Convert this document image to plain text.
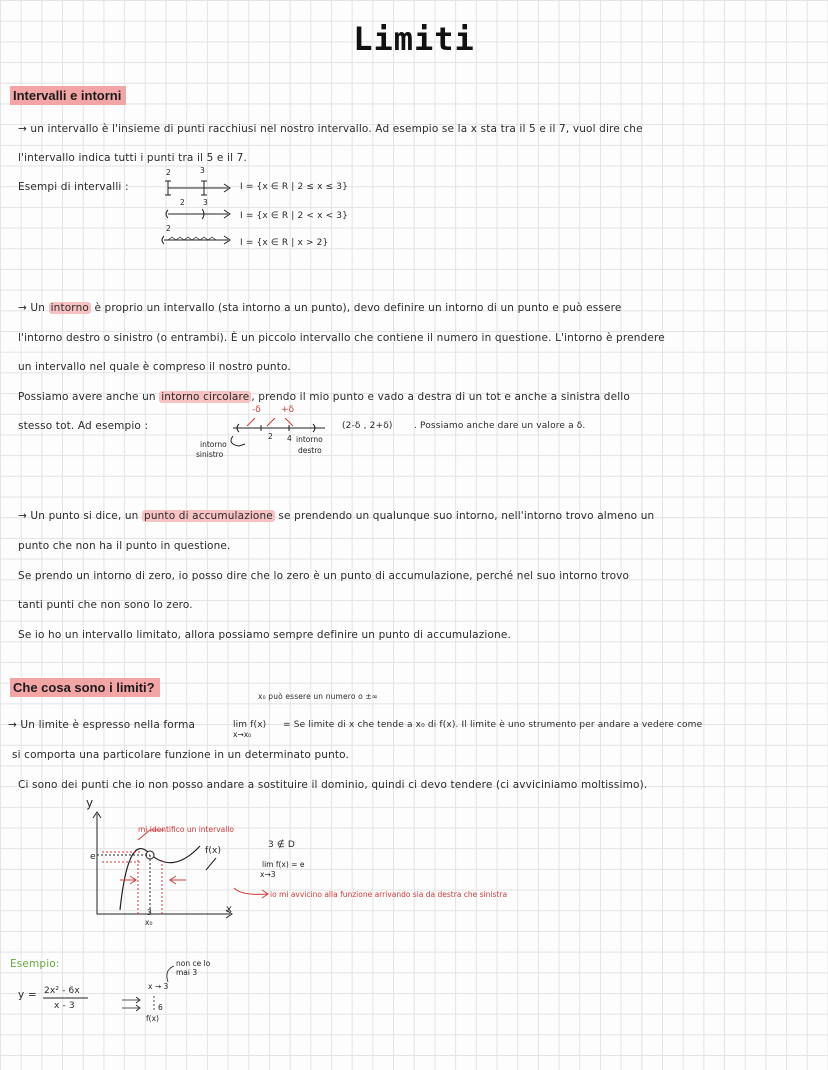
Limiti
Intervalli e intorni
→ un intervallo è l'insieme di punti racchiusi nel nostro intervallo. Ad esempio se la x sta tra il 5 e il 7, vuol dire che
l'intervallo indica tutti i punti tra il 5 e il 7.
Esempi di intervalli :
2	3
2 3
2
I = {x ∈ R | 2 ≤ x ≤ 3}
I = {x ∈ R | 2 < x < 3}
I = {x ∈ R | x > 2}
→ Un intorno è proprio un intervallo (sta intorno a un punto), devo definire un intorno di un punto e può essere
l'intorno destro o sinistro (o entrambi). È un piccolo intervallo che contiene il numero in questione. L'intorno è prendere
un intervallo nel quale è compreso il nostro punto.
Possiamo avere anche un intorno circolare , prendo il mio punto e vado a destra di un tot e anche a sinistra dello
stesso tot. Ad esempio :
-δ +δ
2 4
intorno
sinistro
intorno
destro
(2-δ , 2+δ) . Possiamo anche dare un valore a δ.
→ Un punto si dice, un punto di accumulazione se prendendo un qualunque suo intorno, nell'intorno trovo almeno un
punto che non ha il punto in questione.
Se prendo un intorno di zero, io posso dire che lo zero è un punto di accumulazione, perché nel suo intorno trovo
tanti punti che non sono lo zero.
Se io ho un intervallo limitato, allora possiamo sempre definire un punto di accumulazione.
Che cosa sono i limiti?
x₀ può essere un numero o ±∞
→ Un limite è espresso nella forma	lim f(x)
x→x₀
= Se limite di x che tende a x₀ di f(x). Il limite è uno strumento per andare a vedere come
si comporta una particolare funzione in un determinato punto.
Ci sono dei punti che io non posso andare a sostituire il dominio, quindi ci devo tendere (ci avviciniamo moltissimo).
y
x
e
f(x)
3
x₀
mi identifico un intervallo
3 ∉ D
lim f(x) = e
x→3
io mi avvicino alla funzione arrivando sia da destra che sinistra
Esempio:
y = 2x² - 6x
x - 3
non ce lo
mai 3
x → 3
6
f(x)
